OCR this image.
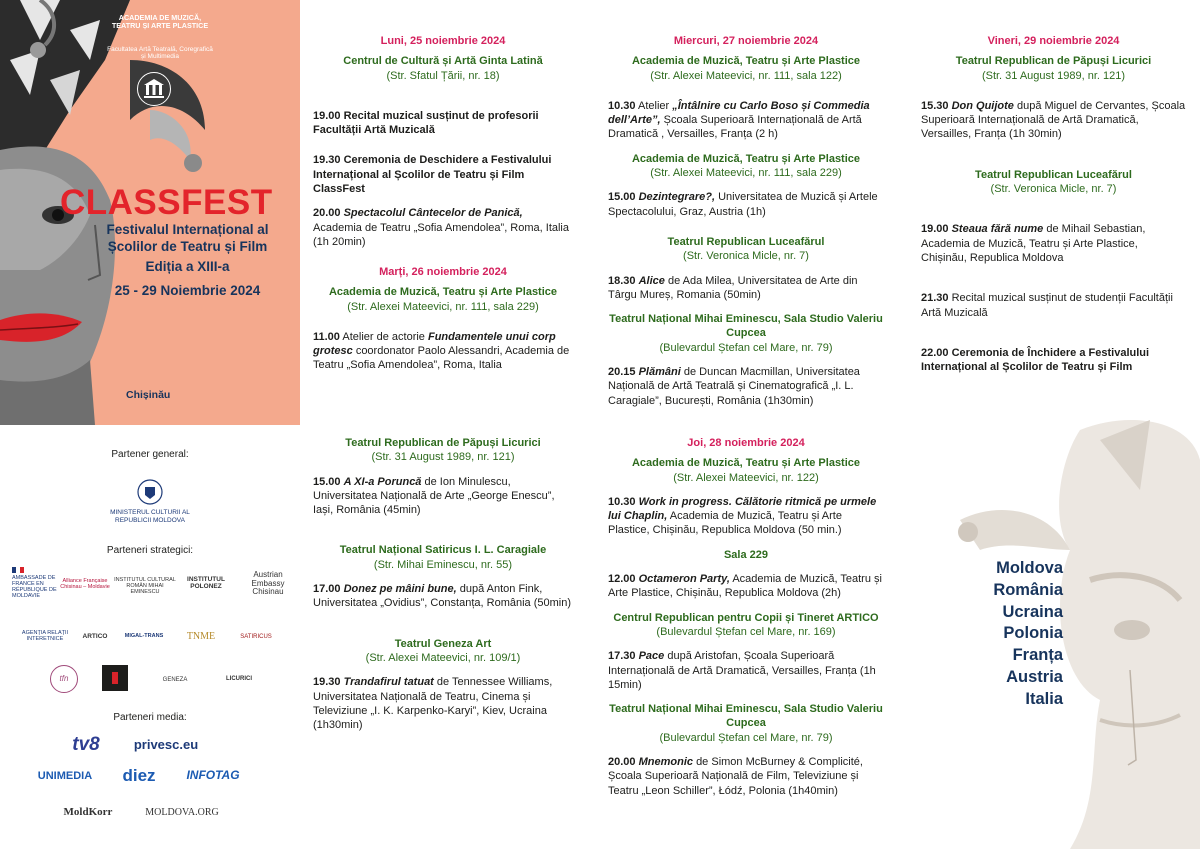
ACADEMIA DE MUZICĂ, TEATRU ȘI ARTE PLASTICE
Facultatea Artă Teatrală, Coregrafică și Multimedia
CLASSFEST
Festivalul Internațional al Școlilor de Teatru și Film
Ediția a XIII-a
25 - 29 Noiembrie 2024
Chișinău
Partener general:
MINISTERUL CULTURII AL REPUBLICII MOLDOVA
Parteneri strategici:
AMBASSADE DE FRANCE EN RÉPUBLIQUE DE MOLDAVIE
Alliance Française Chisinau – Moldavie
INSTITUTUL CULTURAL ROMÂN MIHAI EMINESCU
INSTITUTUL POLONEZ
Austrian Embassy Chisinau
AGENȚIA RELAȚII INTERETNICE	ARTICO	MIGAL-TRANS	TNME	SATIRICUS
tfn	GENEZA	LICURICI
Parteneri media:
tv8	privesc.eu
UNIMEDIA	diez	INFOTAG
MoldKorr	MOLDOVA.ORG
Luni, 25 noiembrie 2024
Centrul de Cultură și Artă Ginta Latină
(Str. Sfatul Țării, nr. 18)
19.00 Recital muzical susținut de profesorii Facultății Artă Muzicală
19.30 Ceremonia de Deschidere a Festivalului Internațional al Școlilor de Teatru și Film ClassFest
20.00 Spectacolul Cântecelor de Panică, Academia de Teatru „Sofia Amendolea”, Roma, Italia (1h 20min)
Marți, 26 noiembrie 2024
Academia de Muzică, Teatru și Arte Plastice
(Str. Alexei Mateevici, nr. 111, sala 229)
11.00 Atelier de actorie Fundamentele unui corp grotesc coordonator Paolo Alessandri, Academia de Teatru „Sofia Amendolea”, Roma, Italia
Teatrul Republican de Păpuși Licurici
(Str. 31 August 1989, nr. 121)
15.00 A XI-a Poruncă de Ion Minulescu, Universitatea Națională de Arte „George Enescu”, Iași, România (45min)
Teatrul Național Satiricus I. L. Caragiale
(Str. Mihai Eminescu, nr. 55)
17.00 Donez pe mâini bune, după Anton Fink, Universitatea „Ovidius”, Constanța, România (50min)
Teatrul Geneza Art
(Str. Alexei Mateevici, nr. 109/1)
19.30 Trandafirul tatuat de Tennessee Williams, Universitatea Națională de Teatru, Cinema și Televiziune „I. K. Karpenko-Karyi”, Kiev, Ucraina (1h30min)
Miercuri, 27 noiembrie 2024
Academia de Muzică, Teatru și Arte Plastice
(Str. Alexei Mateevici, nr. 111, sala 122)
10.30 Atelier „Întâlnire cu Carlo Boso și Commedia dell’Arte”, Școala Superioară Internațională de Artă Dramatică , Versailles, Franța (2 h)
Academia de Muzică, Teatru și Arte Plastice
(Str. Alexei Mateevici, nr. 111, sala 229)
15.00 Dezintegrare?, Universitatea de Muzică și Artele Spectacolului, Graz, Austria (1h)
Teatrul Republican Luceafărul
(Str. Veronica Micle, nr. 7)
18.30 Alice de Ada Milea, Universitatea de Arte din Târgu Mureș, Romania (50min)
Teatrul Național Mihai Eminescu, Sala Studio Valeriu Cupcea
(Bulevardul Ștefan cel Mare, nr. 79)
20.15 Plămâni de Duncan Macmillan, Universitatea Națională de Artă Teatrală și Cinematografică „I. L. Caragiale”, București, România (1h30min)
Joi, 28 noiembrie 2024
Academia de Muzică, Teatru și Arte Plastice
(Str. Alexei Mateevici, nr. 122)
10.30 Work in progress. Călătorie ritmică pe urmele lui Chaplin, Academia de Muzică, Teatru și Arte Plastice, Chișinău, Republica Moldova (50 min.)
Sala 229
12.00 Octameron Party, Academia de Muzică, Teatru și Arte Plastice, Chișinău, Republica Moldova (2h)
Centrul Republican pentru Copii și Tineret ARTICO
(Bulevardul Ștefan cel Mare, nr. 169)
17.30 Pace după Aristofan, Școala Superioară Internațională de Artă Dramatică, Versailles, Franța (1h 15min)
Teatrul Național Mihai Eminescu, Sala Studio Valeriu Cupcea
(Bulevardul Ștefan cel Mare, nr. 79)
20.00 Mnemonic de Simon McBurney & Complicité, Școala Superioară Națională de Film, Televiziune și Teatru „Leon Schiller”, Łódź, Polonia (1h40min)
Vineri, 29 noiembrie 2024
Teatrul Republican de Păpuși Licurici
(Str. 31 August 1989, nr. 121)
15.30 Don Quijote după Miguel de Cervantes, Școala Superioară Internațională de Artă Dramatică, Versailles, Franța (1h 30min)
Teatrul Republican Luceafărul
(Str. Veronica Micle, nr. 7)
19.00 Steaua fără nume de Mihail Sebastian, Academia de Muzică, Teatru și Arte Plastice, Chișinău, Republica Moldova
21.30 Recital muzical susținut de studenții Facultății Artă Muzicală
22.00 Ceremonia de Închidere a Festivalului Internațional al Școlilor de Teatru și Film
Moldova
România
Ucraina
Polonia
Franța
Austria
Italia
